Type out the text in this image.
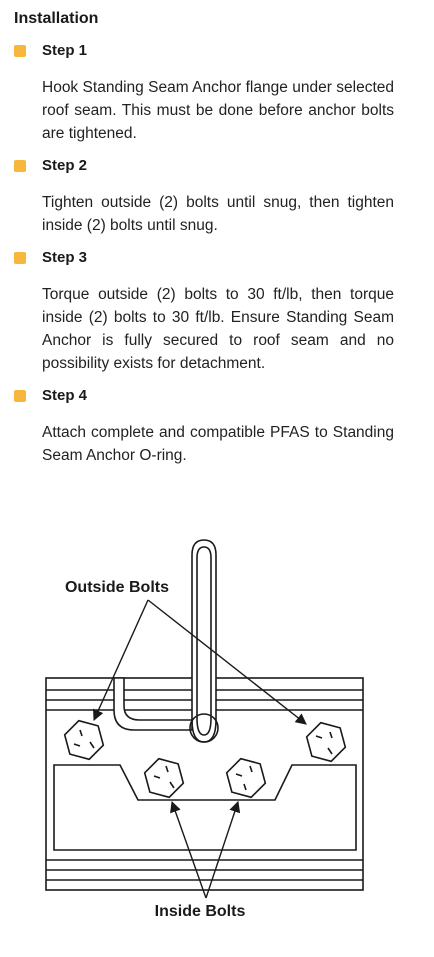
Installation
Step 1
Hook Standing Seam Anchor flange under selected roof seam. This must be done before anchor bolts are tightened.
Step 2
Tighten outside (2) bolts until snug, then tighten inside (2) bolts until snug.
Step 3
Torque outside (2) bolts to 30 ft/lb, then torque inside (2) bolts to 30 ft/lb. Ensure Standing Seam Anchor is fully secured to roof seam and no possibility exists for detachment.
Step 4
Attach complete and compatible PFAS to Standing Seam Anchor O-ring.
Outside Bolts
Inside Bolts
